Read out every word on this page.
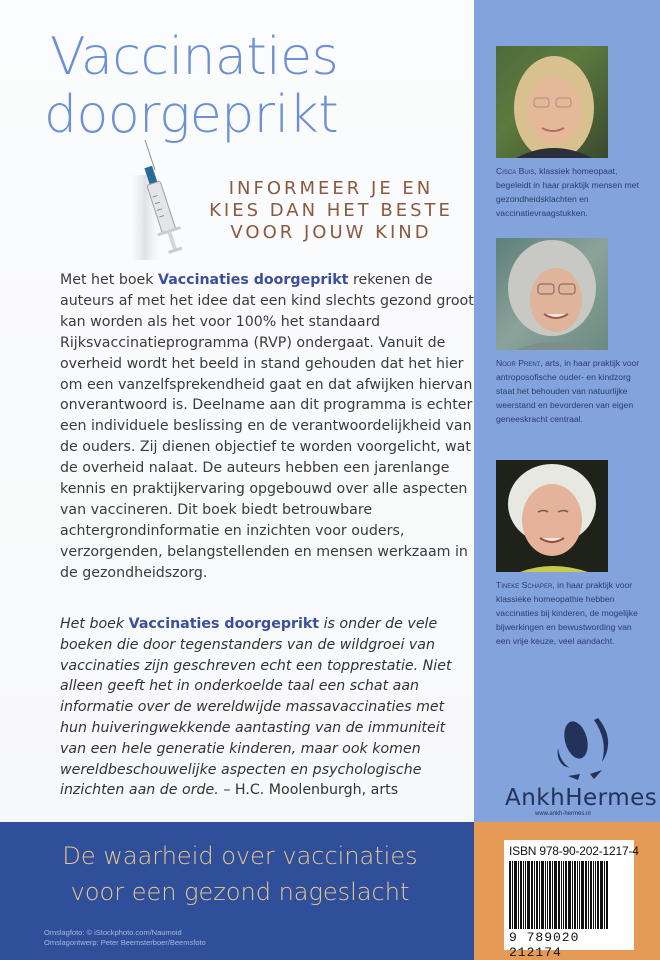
Vaccinaties
doorgeprikt
INFORMEER JE EN
KIES DAN HET BESTE
VOOR JOUW KIND

Met het boek Vaccinaties doorgeprikt rekenen de auteurs af met het idee dat een kind slechts gezond groot kan worden als het voor 100% het standaard Rijksvaccinatieprogramma (RVP) ondergaat. Vanuit de overheid wordt het beeld in stand gehouden dat het hier om een vanzelfsprekendheid gaat en dat afwijken hiervan onverantwoord is. Deelname aan dit programma is echter een individuele beslissing en de verantwoordelijkheid van de ouders. Zij dienen objectief te worden voorgelicht, wat de overheid nalaat. De auteurs hebben een jarenlange kennis en praktijkervaring opgebouwd over alle aspecten van vaccineren. Dit boek biedt betrouwbare achtergrondinformatie en inzichten voor ouders, verzorgenden, belangstellenden en mensen werkzaam in de gezondheidszorg.

Het boek Vaccinaties doorgeprikt is onder de vele boeken die door tegenstanders van de wildgroei van vaccinaties zijn geschreven echt een topprestatie. Niet alleen geeft het in onderkoelde taal een schat aan informatie over de wereldwijde massavaccinaties met hun huiveringwekkende aantasting van de immuniteit van een hele generatie kinderen, maar ook komen wereldbeschouwelijke aspecten en psychologische inzichten aan de orde. – H.C. Moolenburgh, arts

De waarheid over vaccinaties
voor een gezond nageslacht
Omslagfoto: © iStockphoto.com/Naumoid
Omslagontwerp: Peter Beemsterboer/Beemsfoto

Cisca Buis, klassiek homeopaat, begeleidt in haar praktijk mensen met gezondheidsklachten en vaccinatievraagstukken.

Noor Prent, arts, in haar praktijk voor antroposofische ouder- en kindzorg staat het behouden van natuurlijke weerstand en bevorderen van eigen geneeskracht centraal.

Tineke Schaper, in haar praktijk voor klassieke homeopathie hebben vaccinaties bij kinderen, de mogelijke bijwerkingen en bewustwording van een vrije keuze, veel aandacht.

AnkhHermes
www.ankh-hermes.nl
ISBN 978-90-202-1217-4
9 789020 212174
